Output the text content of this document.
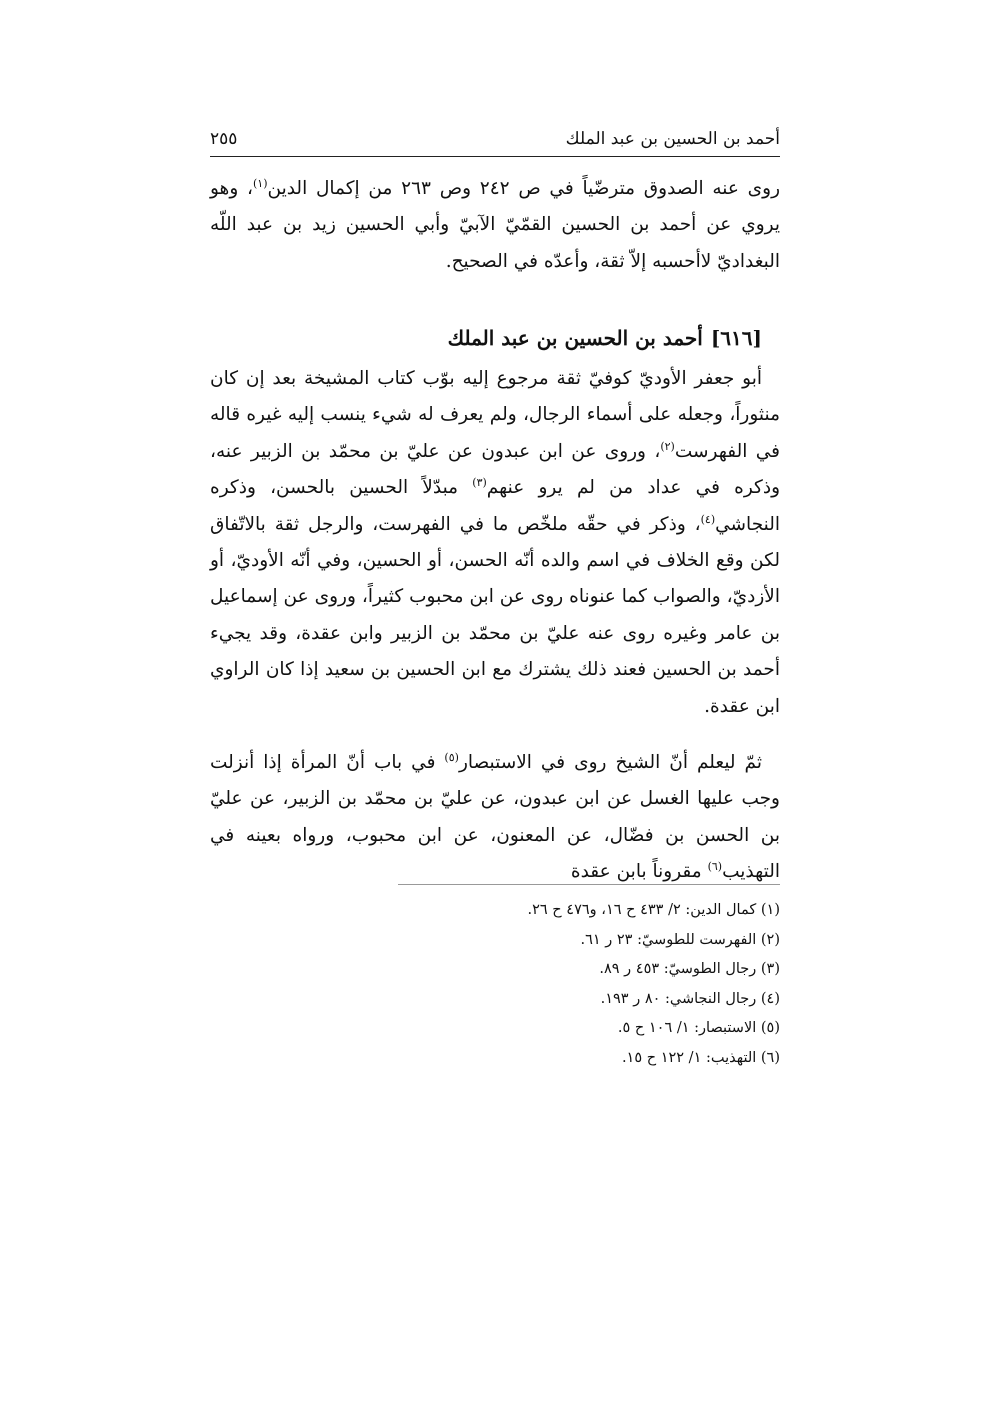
أحمد بن الحسين بن عبد الملك
٢٥٥

روى عنه الصدوق مترضّياً في ص ٢٤٢ وص ٢٦٣ من إكمال الدين$^{(١)}$، وهو يروي عن أحمد بن الحسين القمّيّ الآبيّ وأبي الحسين زيد بن عبد اللّه البغداديّ لاأحسبه إلاّ ثقة، وأعدّه في الصحيح.

[٦١٦]أحمد بن الحسين بن عبد الملك

أبو جعفر الأوديّ كوفيّ ثقة مرجوع إليه بوّب كتاب المشيخة بعد إن كان منثوراً، وجعله على أسماء الرجال، ولم يعرف له شيء ينسب إليه غيره قاله في الفهرست$^{(٢)}$، وروى عن ابن عبدون عن عليّ بن محمّد بن الزبير عنه، وذكره في عداد من لم يرو عنهم$^{(٣)}$ مبدّلاً الحسين بالحسن، وذكره النجاشي$^{(٤)}$، وذكر في حقّه ملخّص ما في الفهرست، والرجل ثقة بالاتّفاق لكن وقع الخلاف في اسم والده أنّه الحسن، أو الحسين، وفي أنّه الأوديّ، أو الأزديّ، والصواب كما عنوناه روى عن ابن محبوب كثيراً، وروى عن إسماعيل بن عامر وغيره روى عنه عليّ بن محمّد بن الزبير وابن عقدة، وقد يجيء أحمد بن الحسين فعند ذلك يشترك مع ابن الحسين بن سعيد إذا كان الراوي ابن عقدة.

ثمّ ليعلم أنّ الشيخ روى في الاستبصار$^{(٥)}$ في باب أنّ المرأة إذا أنزلت وجب عليها الغسل عن ابن عبدون، عن عليّ بن محمّد بن الزبير، عن عليّ بن الحسن بن فضّال، عن المعنون، عن ابن محبوب، ورواه بعينه في التهذيب$^{(٦)}$ مقروناً بابن عقدة

(١) كمال الدين: ٢/ ٤٣٣ ح ١٦، و٤٧٦ ح ٢٦.
(٢) الفهرست للطوسيّ: ٢٣ ر ٦١.
(٣) رجال الطوسيّ: ٤٥٣ ر ٨٩.
(٤) رجال النجاشي: ٨٠ ر ١٩٣.
(٥) الاستبصار: ١/ ١٠٦ ح ٥.
(٦) التهذيب: ١/ ١٢٢ ح ١٥.
